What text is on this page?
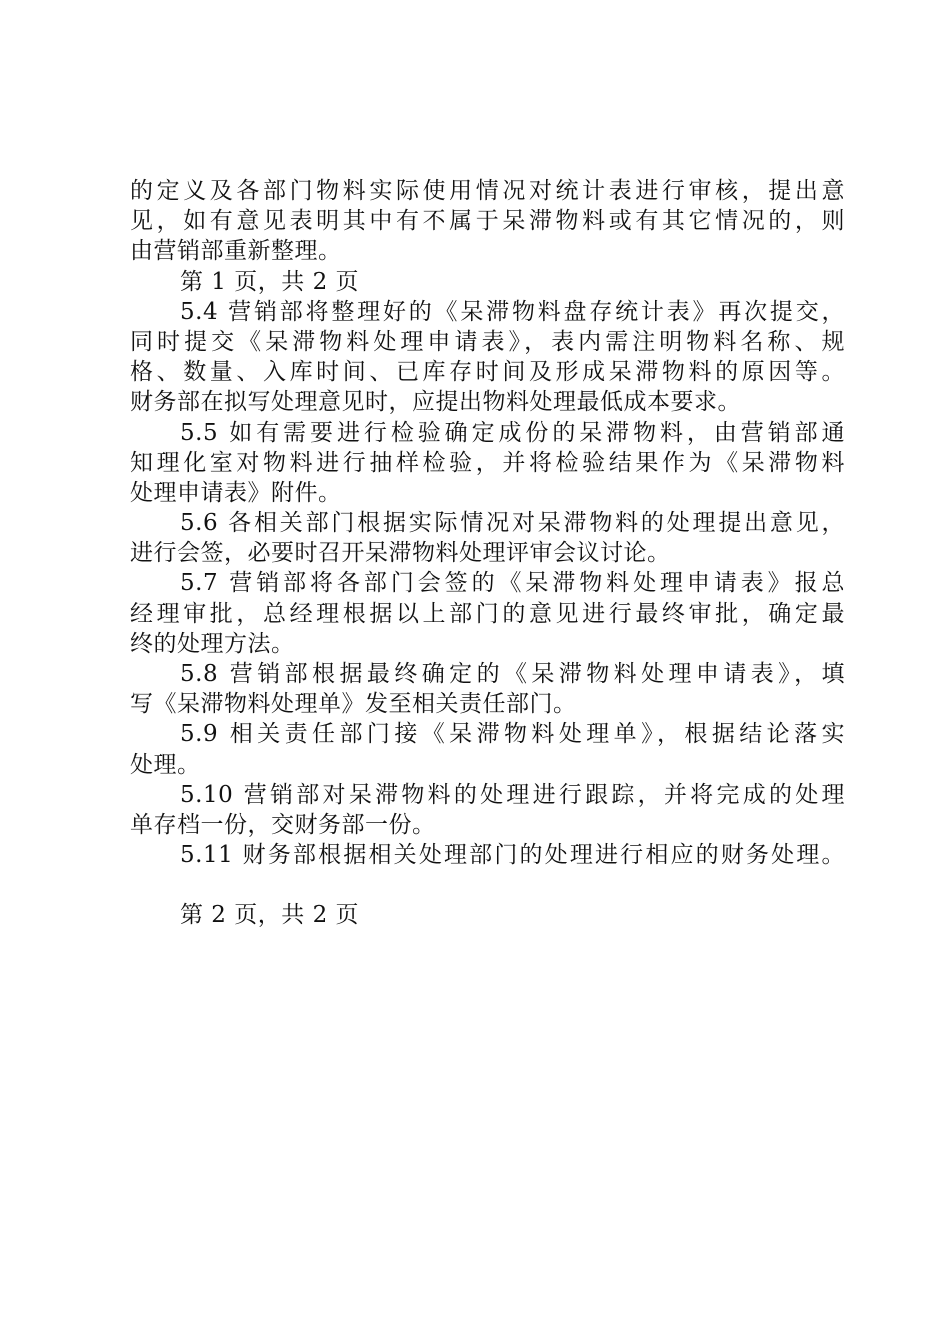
的定义及各部门物料实际使用情况对统计表进行审核，提出意
见，如有意见表明其中有不属于呆滞物料或有其它情况的，则
由营销部重新整理。
第 1 页，共 2 页
5.4 营销部将整理好的《呆滞物料盘存统计表》再次提交，
同时提交《呆滞物料处理申请表》，表内需注明物料名称、规
格、数量、入库时间、已库存时间及形成呆滞物料的原因等。
财务部在拟写处理意见时，应提出物料处理最低成本要求。
5.5 如有需要进行检验确定成份的呆滞物料，由营销部通
知理化室对物料进行抽样检验，并将检验结果作为《呆滞物料
处理申请表》附件。
5.6 各相关部门根据实际情况对呆滞物料的处理提出意见，
进行会签，必要时召开呆滞物料处理评审会议讨论。
5.7 营销部将各部门会签的《呆滞物料处理申请表》报总
经理审批，总经理根据以上部门的意见进行最终审批，确定最
终的处理方法。
5.8 营销部根据最终确定的《呆滞物料处理申请表》，填
写《呆滞物料处理单》发至相关责任部门。
5.9 相关责任部门接《呆滞物料处理单》，根据结论落实
处理。
5.10 营销部对呆滞物料的处理进行跟踪，并将完成的处理
单存档一份，交财务部一份。
5.11 财务部根据相关处理部门的处理进行相应的财务处理。
第 2 页，共 2 页
